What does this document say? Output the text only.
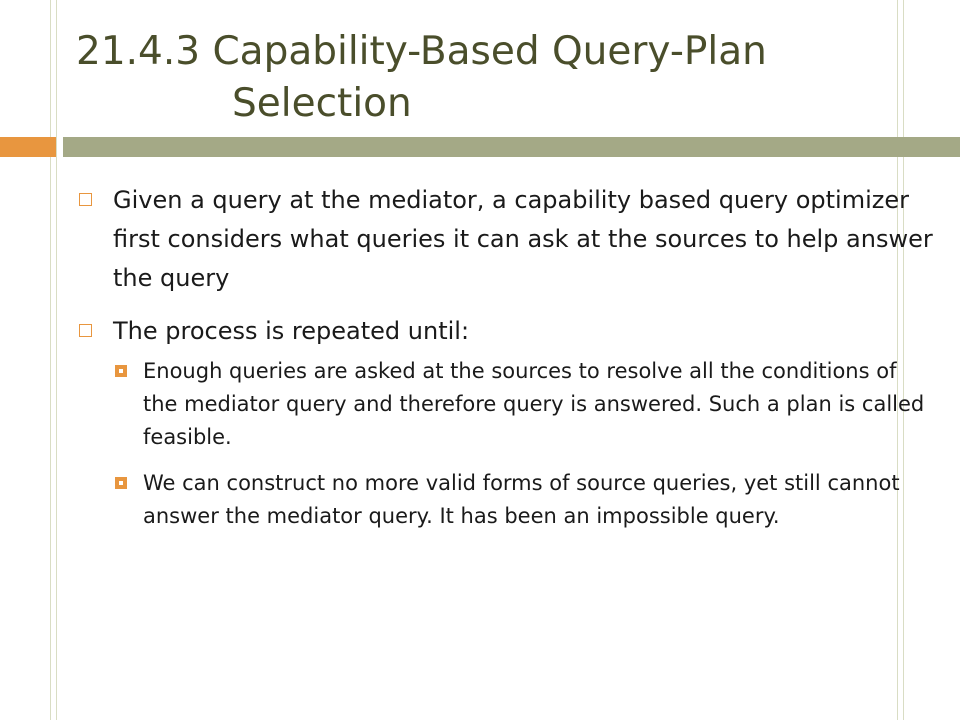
21.4.3 Capability-Based Query-Plan
Selection
Given a query at the mediator, a capability based query optimizer first considers what queries it can ask at the sources to help answer the query
The process is repeated until:
Enough queries are asked at the sources to resolve all the conditions of the mediator query and therefore query is answered. Such a plan is called feasible.
We can construct no more valid forms of source queries, yet still cannot answer the mediator query. It has been an impossible query.
